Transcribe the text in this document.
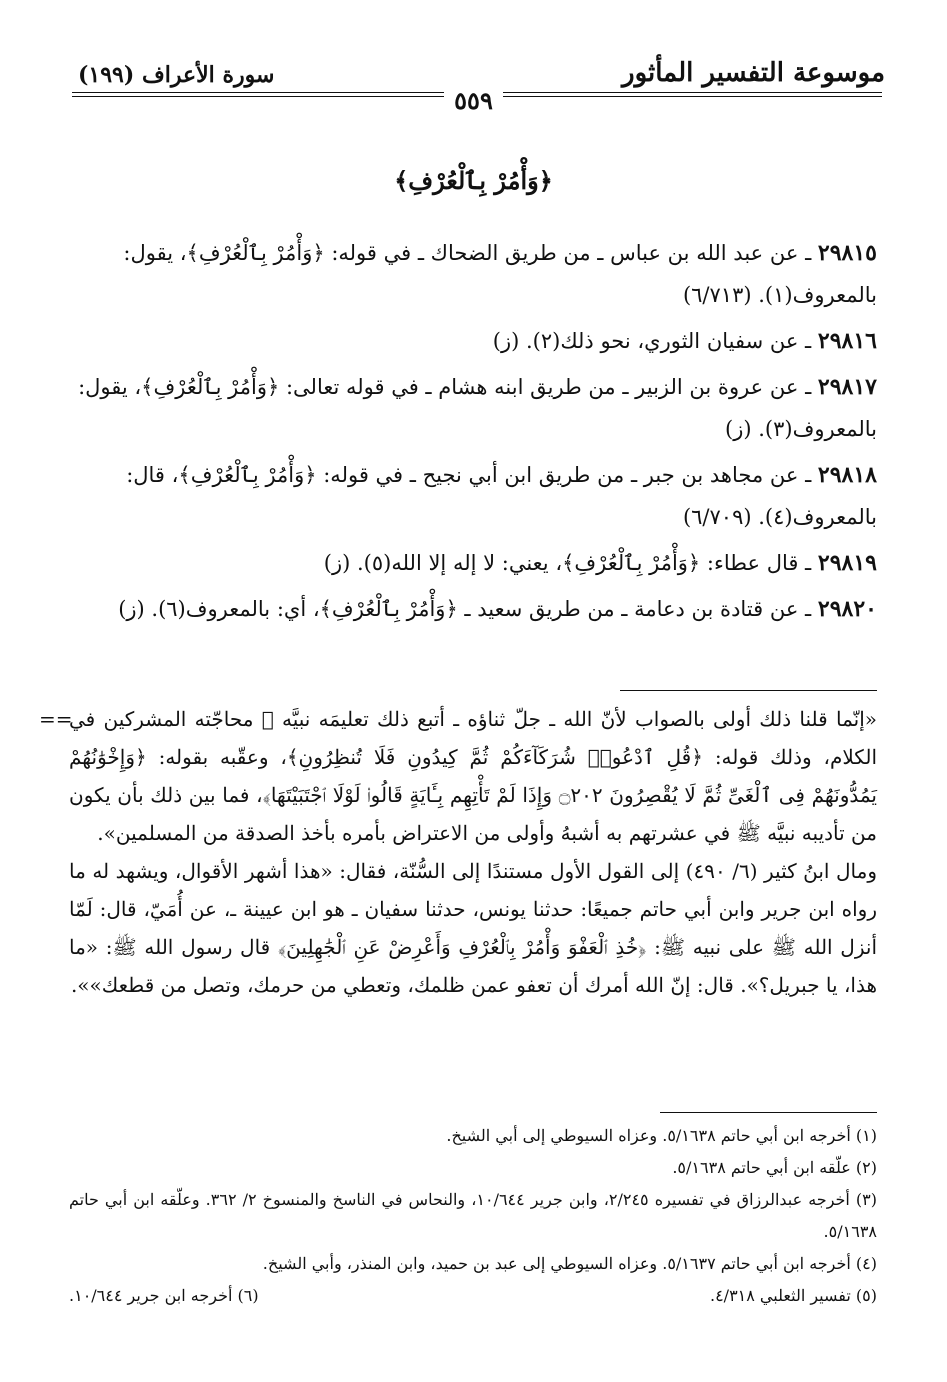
موسوعة التفسير المأثور
سورة الأعراف (١٩٩)
٥٥٩
﴿وَأْمُرْ بِٱلْعُرْفِ﴾

٢٩٨١٥ ـ عن عبد الله بن عباس ـ من طريق الضحاك ـ في قوله: ﴿وَأْمُرْ بِٱلْعُرْفِ﴾، يقول: بالمعروف(١). (٦/٧١٣)

٢٩٨١٦ ـ عن سفيان الثوري، نحو ذلك(٢). (ز)

٢٩٨١٧ ـ عن عروة بن الزبير ـ من طريق ابنه هشام ـ في قوله تعالى: ﴿وَأْمُرْ بِٱلْعُرْفِ﴾، يقول: بالمعروف(٣). (ز)

٢٩٨١٨ ـ عن مجاهد بن جبر ـ من طريق ابن أبي نجيح ـ في قوله: ﴿وَأْمُرْ بِٱلْعُرْفِ﴾، قال: بالمعروف(٤). (٦/٧٠٩)

٢٩٨١٩ ـ قال عطاء: ﴿وَأْمُرْ بِٱلْعُرْفِ﴾، يعني: لا إله إلا الله(٥). (ز)

٢٩٨٢٠ ـ عن قتادة بن دعامة ـ من طريق سعيد ـ ﴿وَأْمُرْ بِٱلْعُرْفِ﴾، أي: بالمعروف(٦). (ز)

==

«إنّما قلنا ذلك أولى بالصواب لأنّ الله ـ جلّ ثناؤه ـ أتبع ذلك تعليمَه نبيَّه ﷺ محاجّته المشركين في الكلام، وذلك قوله: ﴿قُلِ ٱدْعُوا۟ شُرَكَآءَكُمْ ثُمَّ كِيدُونِ فَلَا تُنظِرُونِ﴾، وعقّبه بقوله: ﴿وَإِخْوَٰنُهُمْ يَمُدُّونَهُمْ فِى ٱلْغَىِّ ثُمَّ لَا يُقْصِرُونَ ۝٢٠٢ وَإِذَا لَمْ تَأْتِهِم بِـَٔايَةٍ قَالُوا۟ لَوْلَا ٱجْتَبَيْتَهَا﴾، فما بين ذلك بأن يكون من تأديبه نبيَّه ﷺ في عشرتهم به أشبهُ وأولى من الاعتراض بأمره بأخذ الصدقة من المسلمين».

ومال ابنُ كثير (٦/ ٤٩٠) إلى القول الأول مستندًا إلى السُّنّة، فقال: «هذا أشهر الأقوال، ويشهد له ما رواه ابن جرير وابن أبي حاتم جميعًا: حدثنا يونس، حدثنا سفيان ـ هو ابن عيينة ـ، عن أُمَيّ، قال: لَمّا أنزل الله ﷺ على نبيه ﷺ: ﴿خُذِ ٱلْعَفْوَ وَأْمُرْ بِٱلْعُرْفِ وَأَعْرِضْ عَنِ ٱلْجَٰهِلِينَ﴾ قال رسول الله ﷺ: «ما هذا، يا جبريل؟». قال: إنّ الله أمرك أن تعفو عمن ظلمك، وتعطي من حرمك، وتصل من قطعك»».

(١) أخرجه ابن أبي حاتم ٥/١٦٣٨. وعزاه السيوطي إلى أبي الشيخ.

(٢) علّقه ابن أبي حاتم ٥/١٦٣٨.

(٣) أخرجه عبدالرزاق في تفسيره ٢/٢٤٥، وابن جرير ١٠/٦٤٤، والنحاس في الناسخ والمنسوخ ٢/ ٣٦٢. وعلّقه ابن أبي حاتم ٥/١٦٣٨.

(٤) أخرجه ابن أبي حاتم ٥/١٦٣٧. وعزاه السيوطي إلى عبد بن حميد، وابن المنذر، وأبي الشيخ.

(٥) تفسير الثعلبي ٤/٣١٨.
(٦) أخرجه ابن جرير ١٠/٦٤٤.
